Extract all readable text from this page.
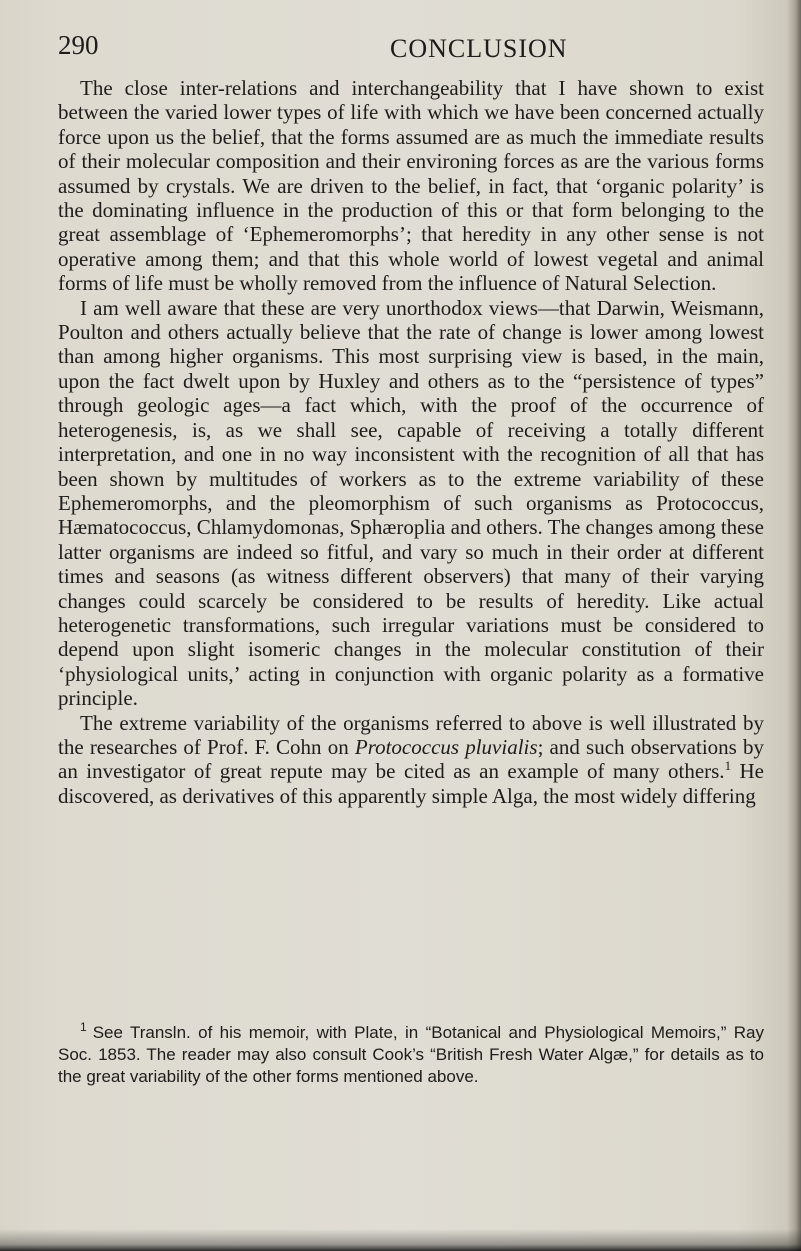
290	CONCLUSION

The close inter-relations and interchangeability that I have shown to exist between the varied lower types of life with which we have been concerned actually force upon us the belief, that the forms assumed are as much the immediate results of their molecular composition and their environing forces as are the various forms assumed by crystals. We are driven to the belief, in fact, that ‘organic polarity’ is the dominating influence in the production of this or that form belonging to the great assemblage of ‘Ephemeromorphs’; that heredity in any other sense is not operative among them; and that this whole world of lowest vegetal and animal forms of life must be wholly removed from the influence of Natural Selection.

I am well aware that these are very unorthodox views—that Darwin, Weismann, Poulton and others actually believe that the rate of change is lower among lowest than among higher organisms. This most surprising view is based, in the main, upon the fact dwelt upon by Huxley and others as to the “persistence of types” through geologic ages—a fact which, with the proof of the occurrence of heterogenesis, is, as we shall see, capable of receiving a totally different interpretation, and one in no way inconsistent with the recognition of all that has been shown by multitudes of workers as to the extreme variability of these Ephemeromorphs, and the pleomorphism of such organisms as Protococcus, Hæmatococcus, Chlamydomonas, Sphæroplia and others. The changes among these latter organisms are indeed so fitful, and vary so much in their order at different times and seasons (as witness different observers) that many of their varying changes could scarcely be considered to be results of heredity. Like actual heterogenetic transformations, such irregular variations must be considered to depend upon slight isomeric changes in the molecular constitution of their ‘physiological units,’ acting in conjunction with organic polarity as a formative principle.

The extreme variability of the organisms referred to above is well illustrated by the researches of Prof. F. Cohn on Protococcus pluvialis; and such observations by an investigator of great repute may be cited as an example of many others.$^1$ He discovered, as derivatives of this apparently simple Alga, the most widely differing

$^1$ See Transln. of his memoir, with Plate, in “Botanical and Physiological Memoirs,” Ray Soc. 1853. The reader may also consult Cook’s “British Fresh Water Algæ,” for details as to the great variability of the other forms mentioned above.
